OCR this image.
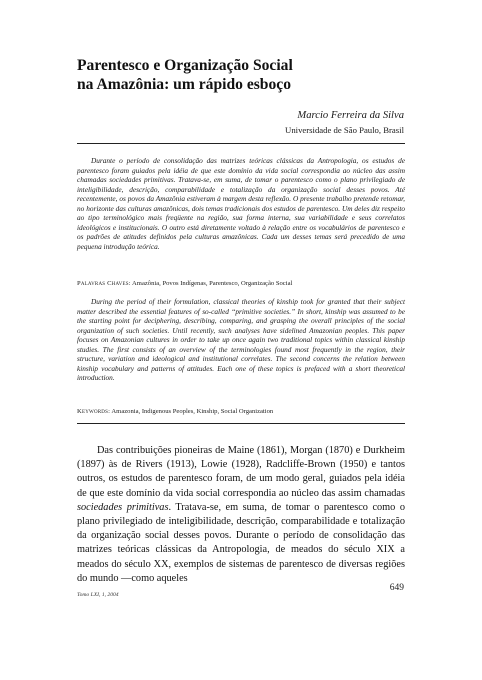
Parentesco e Organização Social
na Amazônia: um rápido esboço
Marcio Ferreira da Silva
Universidade de São Paulo, Brasil

Durante o período de consolidação das matrizes teóricas clássicas da Antropologia, os estudos de parentesco foram guiados pela idéia de que este domínio da vida social correspondia ao núcleo das assim chamadas sociedades primitivas. Tratava-se, em suma, de tomar o parentesco como o plano privilegiado de inteligibilidade, descrição, comparabilidade e totalização da organização social desses povos. Até recentemente, os povos da Amazônia estiveram à margem desta reflexão. O presente trabalho pretende retomar, no horizonte das culturas amazônicas, dois temas tradicionais dos estudos de parentesco. Um deles diz respeito ao tipo terminológico mais freqüente na região, sua forma interna, sua variabilidade e seus correlatos ideológicos e institucionais. O outro está diretamente voltado à relação entre os vocabulários de parentesco e os padrões de atitudes definidos pela culturas amazônicas. Cada um desses temas será precedido de uma pequena introdução teórica.

Palavras Chaves: Amazônia, Povos Indígenas, Parentesco, Organização Social

During the period of their formulation, classical theories of kinship took for granted that their subject matter described the essential features of so-called “primitive societies.” In short, kinship was assumed to be the starting point for deciphering, describing, comparing, and grasping the overall principles of the social organization of such societies. Until recently, such analyses have sidelined Amazonian peoples. This paper focuses on Amazonian cultures in order to take up once again two traditional topics within classical kinship studies. The first consists of an overview of the terminologies found most frequently in the region, their structure, variation and ideological and institutional correlates. The second concerns the relation between kinship vocabulary and patterns of attitudes. Each one of these topics is prefaced with a short theoretical introduction.

Keywords: Amazonia, Indigenous Peoples, Kinship, Social Organization

Das contribuições pioneiras de Maine (1861), Morgan (1870) e Durkheim (1897) às de Rivers (1913), Lowie (1928), Radcliffe-Brown (1950) e tantos outros, os estudos de parentesco foram, de um modo geral, guiados pela idéia de que este domínio da vida social correspondia ao núcleo das assim chamadas sociedades primitivas. Tratava-se, em suma, de tomar o parentesco como o plano privilegiado de inteligibilidade, descrição, comparabilidade e totalização da organização social desses povos. Durante o período de consolidação das matrizes teóricas clássicas da Antropologia, de meados do século XIX a meados do século XX, exemplos de sistemas de parentesco de diversas regiões do mundo —como aqueles

Tomo LXI, 1, 2004
649
